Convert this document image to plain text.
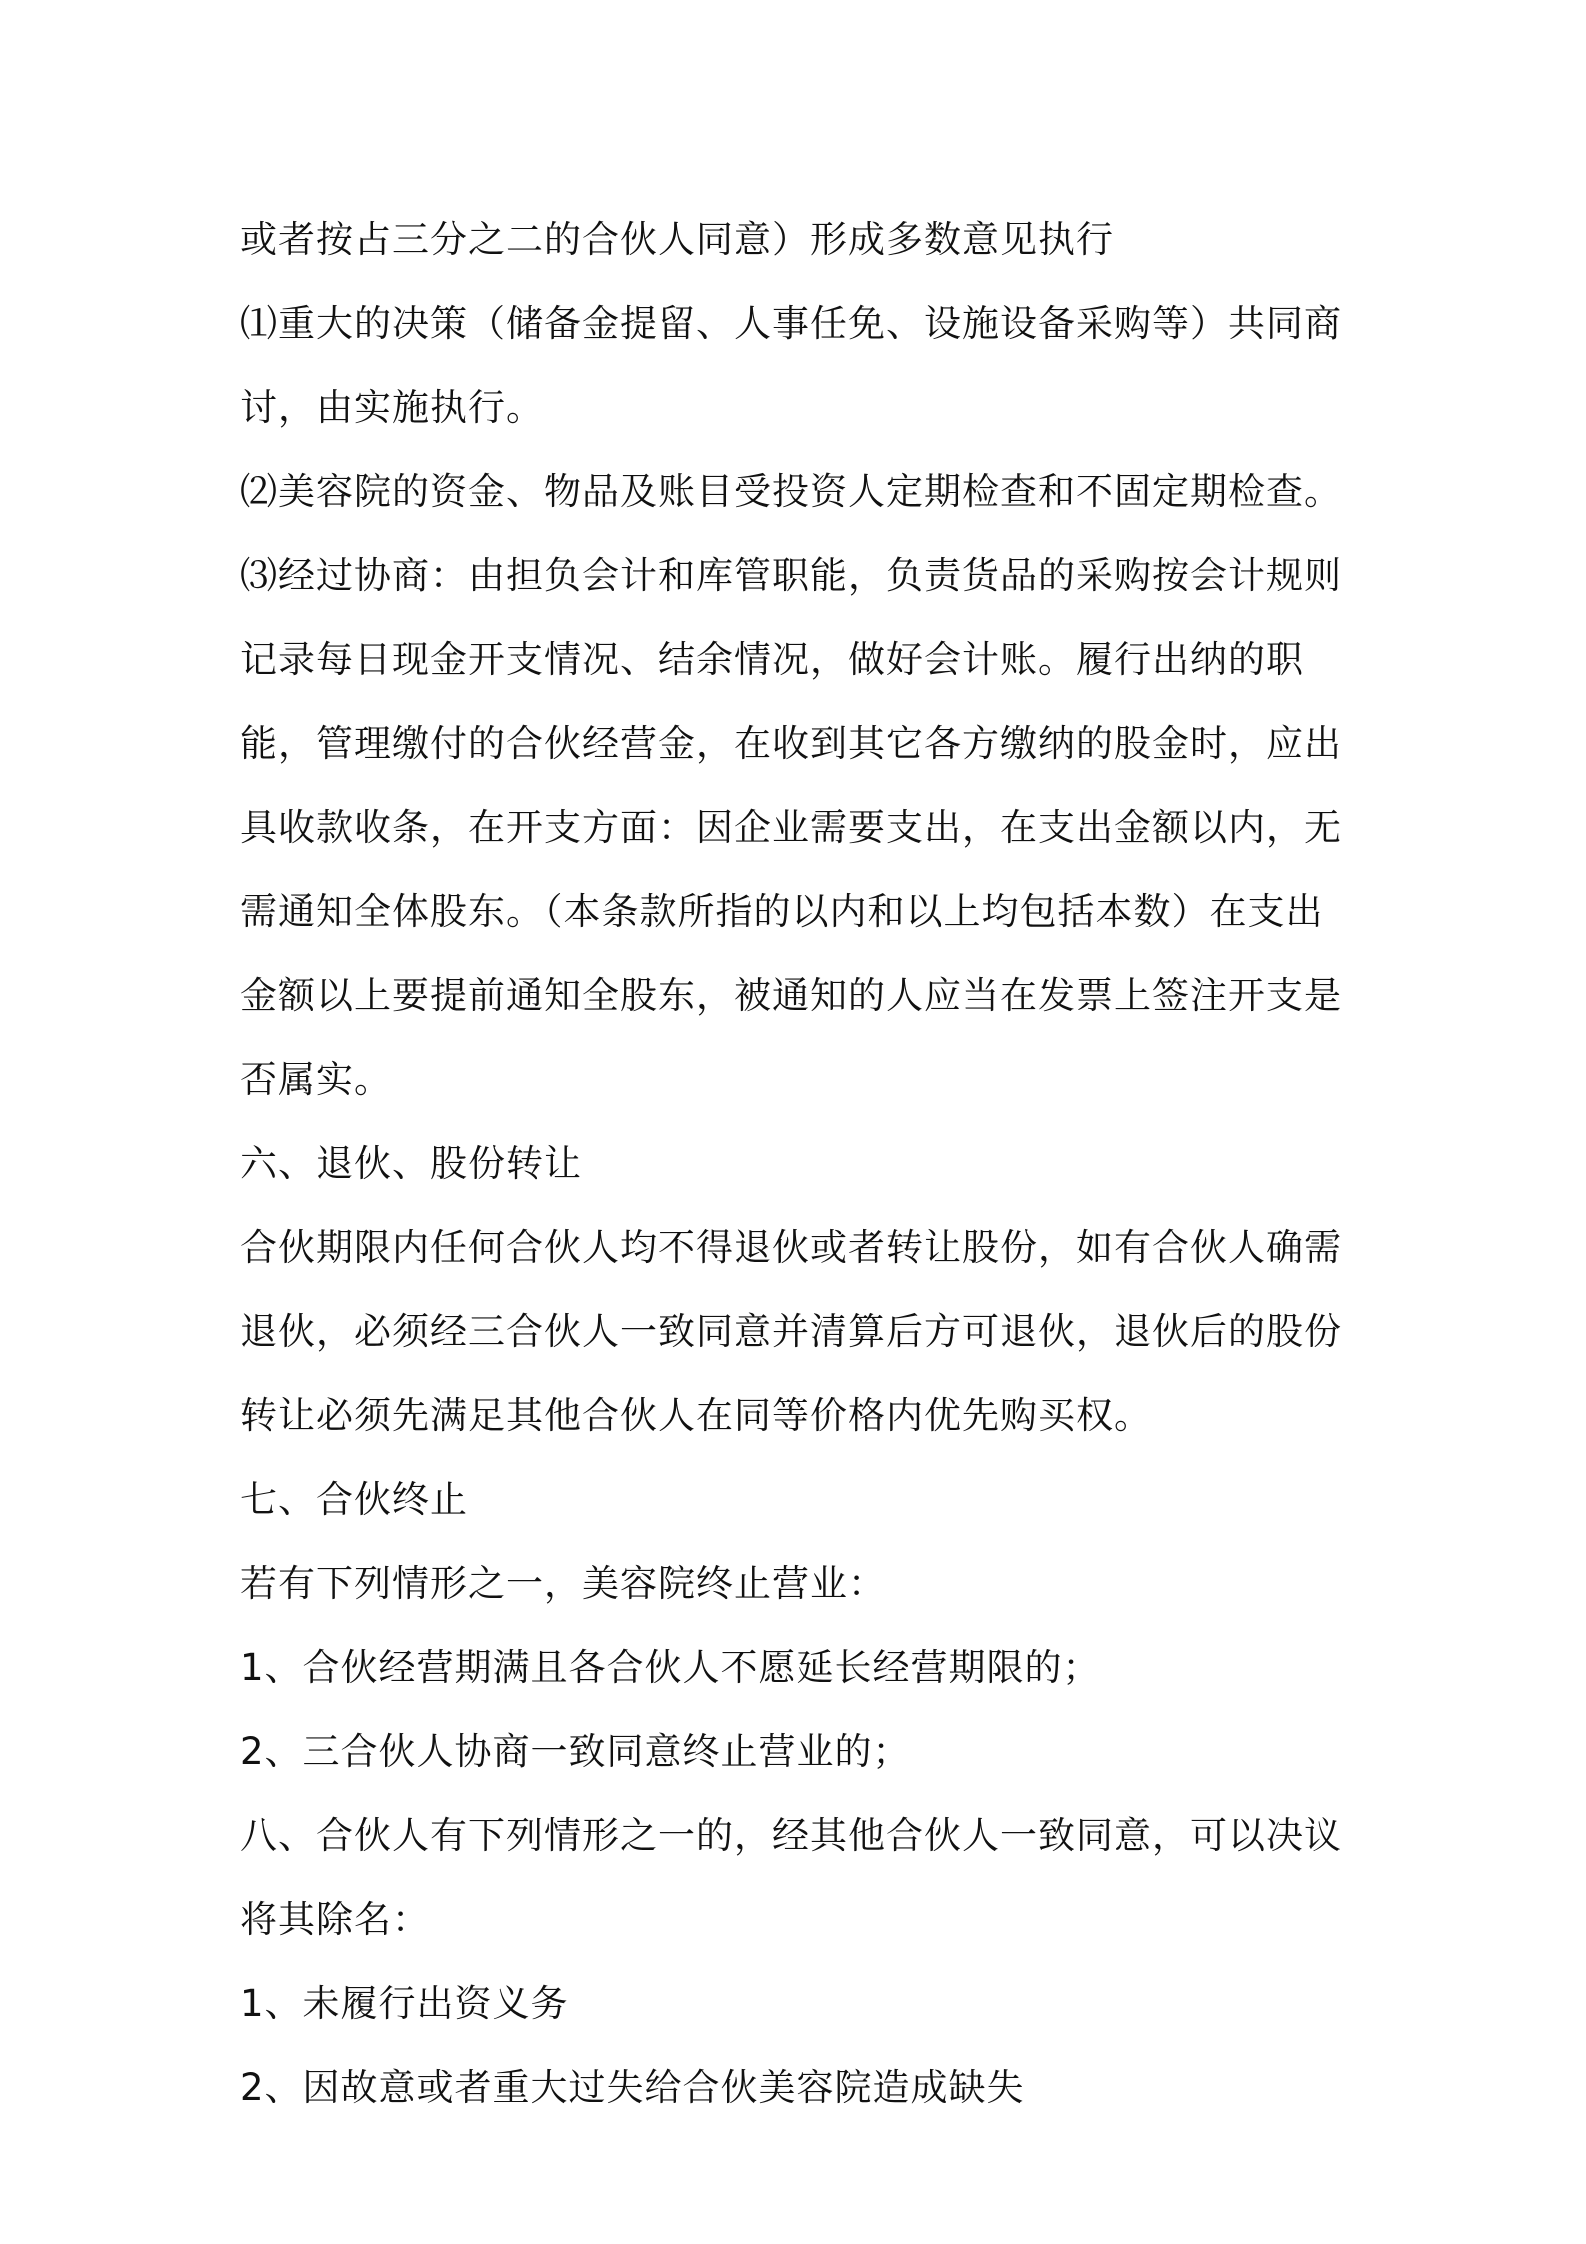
或者按占三分之二的合伙人同意）形成多数意见执行

⑴重大的决策（储备金提留、人事任免、设施设备采购等）共同商讨，由实施执行。

⑵美容院的资金、物品及账目受投资人定期检查和不固定期检查。

⑶经过协商：由担负会计和库管职能，负责货品的采购按会计规则记录每日现金开支情况、结余情况，做好会计账。履行出纳的职能，管理缴付的合伙经营金，在收到其它各方缴纳的股金时，应出具收款收条，在开支方面：因企业需要支出，在支出金额以内，无需通知全体股东。（本条款所指的以内和以上均包括本数）在支出金额以上要提前通知全股东，被通知的人应当在发票上签注开支是否属实。

六、退伙、股份转让

合伙期限内任何合伙人均不得退伙或者转让股份，如有合伙人确需退伙，必须经三合伙人一致同意并清算后方可退伙，退伙后的股份转让必须先满足其他合伙人在同等价格内优先购买权。

七、合伙终止

若有下列情形之一，美容院终止营业：

1、合伙经营期满且各合伙人不愿延长经营期限的；

2、三合伙人协商一致同意终止营业的；

八、合伙人有下列情形之一的，经其他合伙人一致同意，可以决议将其除名：

1、未履行出资义务

2、因故意或者重大过失给合伙美容院造成缺失
